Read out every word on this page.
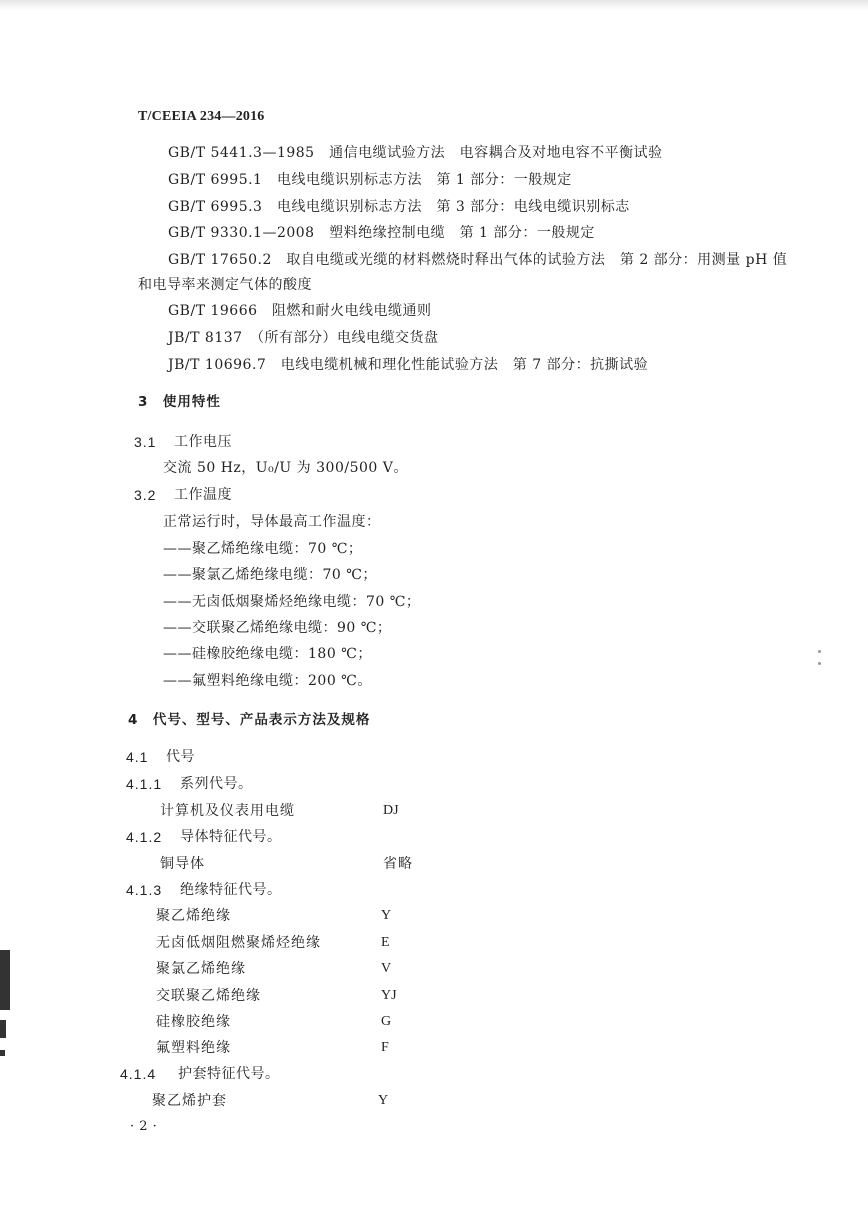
T/CEEIA 234—2016
GB/T 5441.3—1985　通信电缆试验方法　电容耦合及对地电容不平衡试验
GB/T 6995.1　电线电缆识别标志方法　第 1 部分：一般规定
GB/T 6995.3　电线电缆识别标志方法　第 3 部分：电线电缆识别标志
GB/T 9330.1—2008　塑料绝缘控制电缆　第 1 部分：一般规定
GB/T 17650.2　取自电缆或光缆的材料燃烧时释出气体的试验方法　第 2 部分：用测量 pH 值
和电导率来测定气体的酸度
GB/T 19666　阻燃和耐火电线电缆通则
JB/T 8137　（所有部分）电线电缆交货盘
JB/T 10696.7　电线电缆机械和理化性能试验方法　第 7 部分：抗撕试验
3　使用特性
3.1 工作电压
交流 50 Hz，U₀/U 为 300/500 V。
3.2 工作温度
正常运行时，导体最高工作温度：
——聚乙烯绝缘电缆：70 ℃；
——聚氯乙烯绝缘电缆：70 ℃；
——无卤低烟聚烯烃绝缘电缆：70 ℃；
——交联聚乙烯绝缘电缆：90 ℃；
——硅橡胶绝缘电缆：180 ℃；
——氟塑料绝缘电缆：200 ℃。
4　代号、型号、产品表示方法及规格
4.1 代号
4.1.1 系列代号。
计算机及仪表用电缆	DJ
4.1.2 导体特征代号。
铜导体	省略
4.1.3 绝缘特征代号。
聚乙烯绝缘	Y
无卤低烟阻燃聚烯烃绝缘	E
聚氯乙烯绝缘	V
交联聚乙烯绝缘	YJ
硅橡胶绝缘	G
氟塑料绝缘	F
4.1.4 护套特征代号。
聚乙烯护套	Y
· 2 ·
